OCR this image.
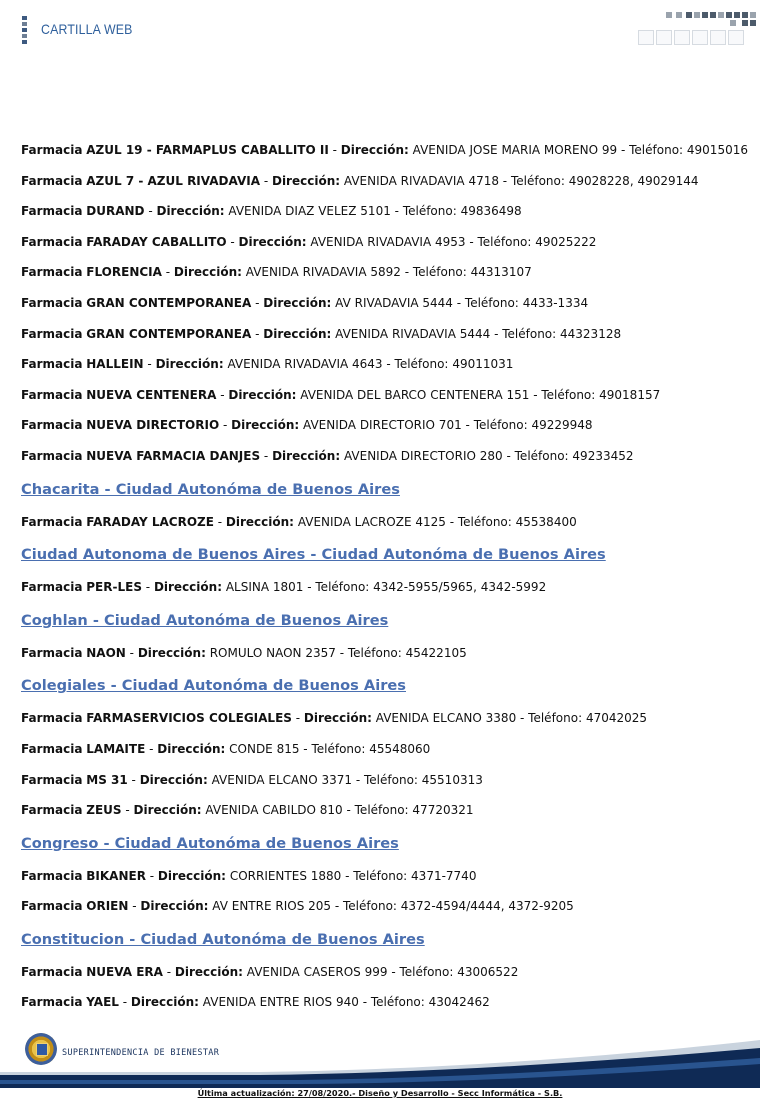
CARTILLA WEB
Farmacia AZUL 19 - FARMAPLUS CABALLITO II - Dirección: AVENIDA JOSE MARIA MORENO 99 - Teléfono: 49015016
Farmacia AZUL 7 - AZUL RIVADAVIA - Dirección: AVENIDA RIVADAVIA 4718 - Teléfono: 49028228, 49029144
Farmacia DURAND - Dirección: AVENIDA DIAZ VELEZ 5101 - Teléfono: 49836498
Farmacia FARADAY CABALLITO - Dirección: AVENIDA RIVADAVIA 4953 - Teléfono: 49025222
Farmacia FLORENCIA - Dirección: AVENIDA RIVADAVIA 5892 - Teléfono: 44313107
Farmacia GRAN CONTEMPORANEA - Dirección: AV RIVADAVIA 5444 - Teléfono: 4433-1334
Farmacia GRAN CONTEMPORANEA - Dirección: AVENIDA RIVADAVIA 5444 - Teléfono: 44323128
Farmacia HALLEIN - Dirección: AVENIDA RIVADAVIA 4643 - Teléfono: 49011031
Farmacia NUEVA CENTENERA - Dirección: AVENIDA DEL BARCO CENTENERA 151 - Teléfono: 49018157
Farmacia NUEVA DIRECTORIO - Dirección: AVENIDA DIRECTORIO 701 - Teléfono: 49229948
Farmacia NUEVA FARMACIA DANJES - Dirección: AVENIDA DIRECTORIO 280 - Teléfono: 49233452
Chacarita - Ciudad Autonóma de Buenos Aires
Farmacia FARADAY LACROZE - Dirección: AVENIDA LACROZE 4125 - Teléfono: 45538400
Ciudad Autonoma de Buenos Aires - Ciudad Autonóma de Buenos Aires
Farmacia PER-LES - Dirección: ALSINA 1801 - Teléfono: 4342-5955/5965, 4342-5992
Coghlan - Ciudad Autonóma de Buenos Aires
Farmacia NAON - Dirección: ROMULO NAON 2357 - Teléfono: 45422105
Colegiales - Ciudad Autonóma de Buenos Aires
Farmacia FARMASERVICIOS COLEGIALES - Dirección: AVENIDA ELCANO 3380 - Teléfono: 47042025
Farmacia LAMAITE - Dirección: CONDE 815 - Teléfono: 45548060
Farmacia MS 31 - Dirección: AVENIDA ELCANO 3371 - Teléfono: 45510313
Farmacia ZEUS - Dirección: AVENIDA CABILDO 810 - Teléfono: 47720321
Congreso - Ciudad Autonóma de Buenos Aires
Farmacia BIKANER - Dirección: CORRIENTES 1880 - Teléfono: 4371-7740
Farmacia ORIEN - Dirección: AV ENTRE RIOS 205 - Teléfono: 4372-4594/4444, 4372-9205
Constitucion - Ciudad Autonóma de Buenos Aires
Farmacia NUEVA ERA - Dirección: AVENIDA CASEROS 999 - Teléfono: 43006522
Farmacia YAEL - Dirección: AVENIDA ENTRE RIOS 940 - Teléfono: 43042462
SUPERINTENDENCIA DE BIENESTAR
Última actualización: 27/08/2020.- Diseño y Desarrollo - Secc Informática - S.B.
